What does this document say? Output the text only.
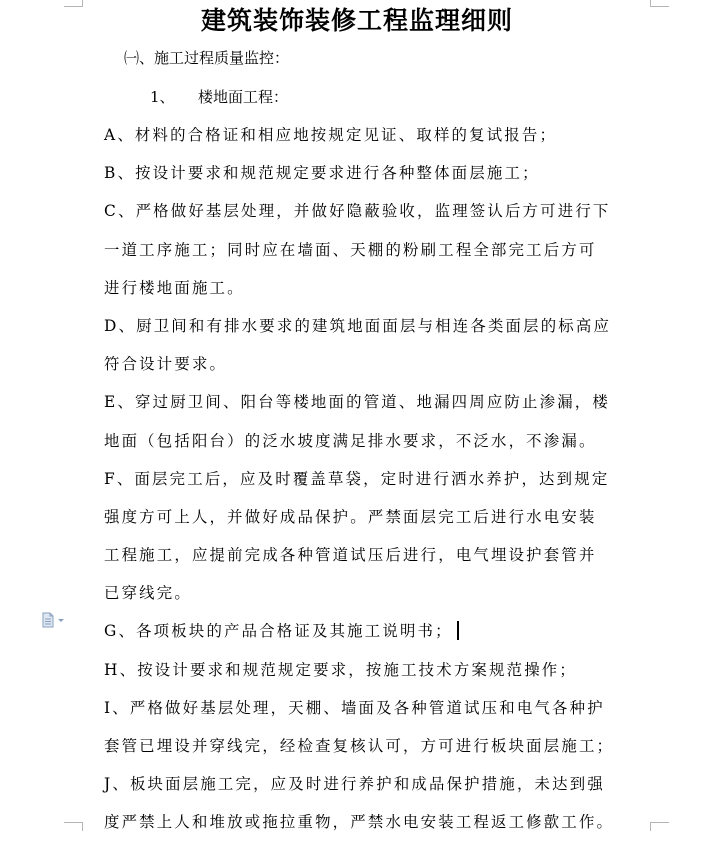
建筑装饰装修工程监理细则
㈠、施工过程质量监控：
1、 楼地面工程：
A、材料的合格证和相应地按规定见证、取样的复试报告；
B、按设计要求和规范规定要求进行各种整体面层施工；
C、严格做好基层处理，并做好隐蔽验收，监理签认后方可进行下
一道工序施工；同时应在墙面、天棚的粉刷工程全部完工后方可
进行楼地面施工。
D、厨卫间和有排水要求的建筑地面面层与相连各类面层的标高应
符合设计要求。
E、穿过厨卫间、阳台等楼地面的管道、地漏四周应防止渗漏，楼
地面（包括阳台）的泛水坡度满足排水要求，不泛水，不渗漏。
F、面层完工后，应及时覆盖草袋，定时进行洒水养护，达到规定
强度方可上人，并做好成品保护。严禁面层完工后进行水电安装
工程施工，应提前完成各种管道试压后进行，电气埋设护套管并
已穿线完。
G、各项板块的产品合格证及其施工说明书；
H、按设计要求和规范规定要求，按施工技术方案规范操作；
I、严格做好基层处理，天棚、墙面及各种管道试压和电气各种护
套管已埋设并穿线完，经检查复核认可，方可进行板块面层施工；
J、板块面层施工完，应及时进行养护和成品保护措施，未达到强
度严禁上人和堆放或拖拉重物，严禁水电安装工程返工修歖工作。
